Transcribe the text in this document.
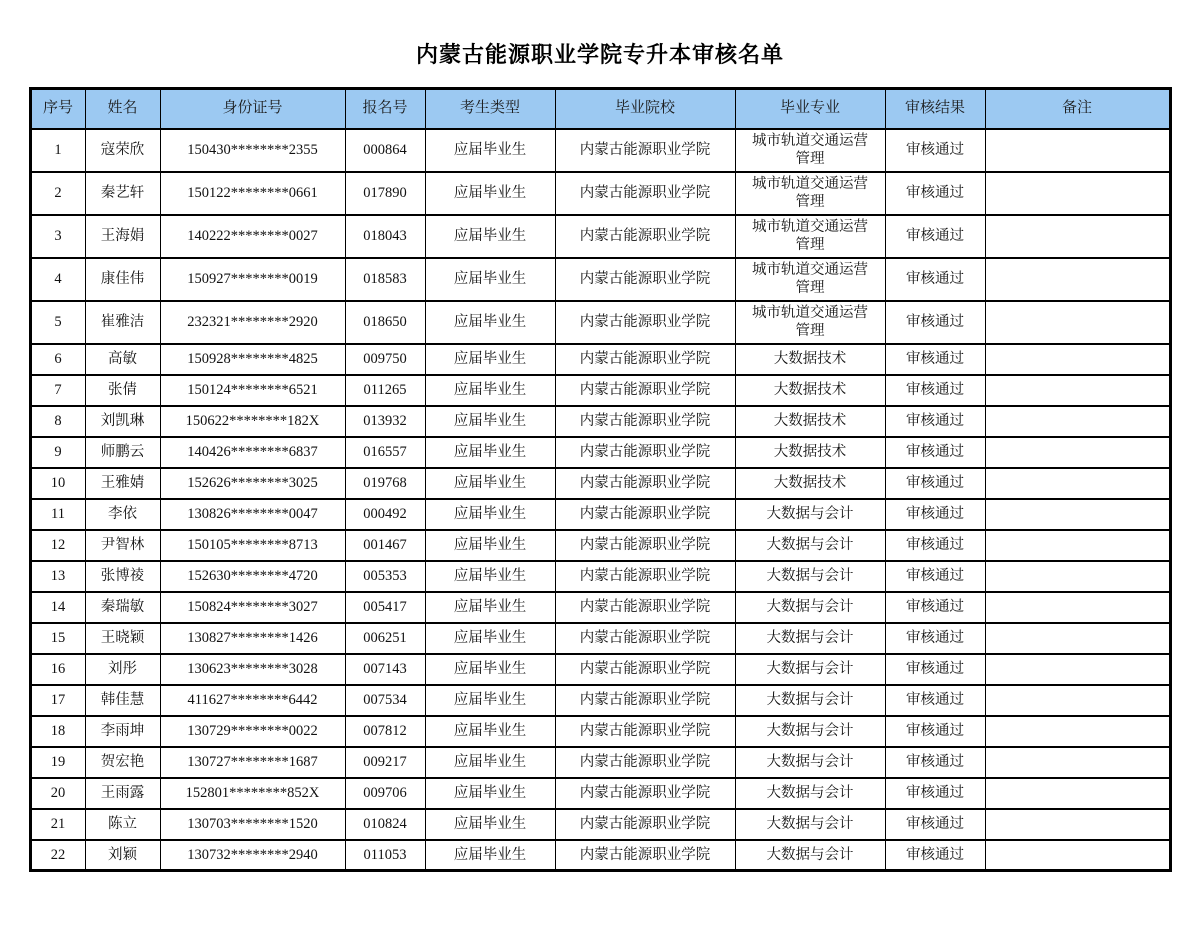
内蒙古能源职业学院专升本审核名单
序号	姓名	身份证号	报名号	考生类型	毕业院校	毕业专业	审核结果	备注
1	寇荣欣	150430********2355	000864	应届毕业生	内蒙古能源职业学院	城市轨道交通运营管理	审核通过	
2	秦艺轩	150122********0661	017890	应届毕业生	内蒙古能源职业学院	城市轨道交通运营管理	审核通过	
3	王海娟	140222********0027	018043	应届毕业生	内蒙古能源职业学院	城市轨道交通运营管理	审核通过	
4	康佳伟	150927********0019	018583	应届毕业生	内蒙古能源职业学院	城市轨道交通运营管理	审核通过	
5	崔雅洁	232321********2920	018650	应届毕业生	内蒙古能源职业学院	城市轨道交通运营管理	审核通过	
6	高敏	150928********4825	009750	应届毕业生	内蒙古能源职业学院	大数据技术	审核通过	
7	张倩	150124********6521	011265	应届毕业生	内蒙古能源职业学院	大数据技术	审核通过	
8	刘凯琳	150622********182X	013932	应届毕业生	内蒙古能源职业学院	大数据技术	审核通过	
9	师鹏云	140426********6837	016557	应届毕业生	内蒙古能源职业学院	大数据技术	审核通过	
10	王雅婧	152626********3025	019768	应届毕业生	内蒙古能源职业学院	大数据技术	审核通过	
11	李依	130826********0047	000492	应届毕业生	内蒙古能源职业学院	大数据与会计	审核通过	
12	尹智林	150105********8713	001467	应届毕业生	内蒙古能源职业学院	大数据与会计	审核通过	
13	张博祾	152630********4720	005353	应届毕业生	内蒙古能源职业学院	大数据与会计	审核通过	
14	秦瑞敏	150824********3027	005417	应届毕业生	内蒙古能源职业学院	大数据与会计	审核通过	
15	王晓颖	130827********1426	006251	应届毕业生	内蒙古能源职业学院	大数据与会计	审核通过	
16	刘彤	130623********3028	007143	应届毕业生	内蒙古能源职业学院	大数据与会计	审核通过	
17	韩佳慧	411627********6442	007534	应届毕业生	内蒙古能源职业学院	大数据与会计	审核通过	
18	李雨坤	130729********0022	007812	应届毕业生	内蒙古能源职业学院	大数据与会计	审核通过	
19	贺宏艳	130727********1687	009217	应届毕业生	内蒙古能源职业学院	大数据与会计	审核通过	
20	王雨露	152801********852X	009706	应届毕业生	内蒙古能源职业学院	大数据与会计	审核通过	
21	陈立	130703********1520	010824	应届毕业生	内蒙古能源职业学院	大数据与会计	审核通过	
22	刘颖	130732********2940	011053	应届毕业生	内蒙古能源职业学院	大数据与会计	审核通过	
